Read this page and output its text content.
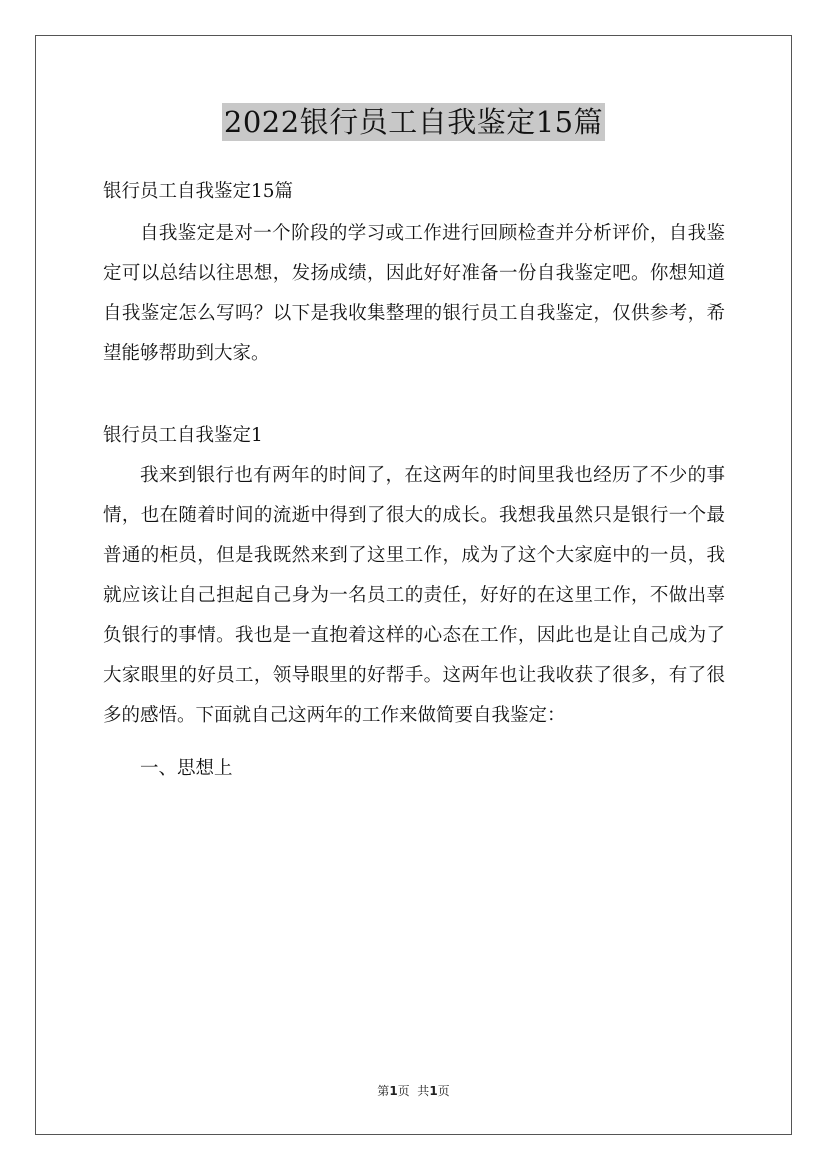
2022银行员工自我鉴定15篇

银行员工自我鉴定15篇

自我鉴定是对一个阶段的学习或工作进行回顾检查并分析评价，自我鉴定可以总结以往思想，发扬成绩，因此好好准备一份自我鉴定吧。你想知道自我鉴定怎么写吗？以下是我收集整理的银行员工自我鉴定，仅供参考，希望能够帮助到大家。

银行员工自我鉴定1

我来到银行也有两年的时间了，在这两年的时间里我也经历了不少的事情，也在随着时间的流逝中得到了很大的成长。我想我虽然只是银行一个最普通的柜员，但是我既然来到了这里工作，成为了这个大家庭中的一员，我就应该让自己担起自己身为一名员工的责任，好好的在这里工作，不做出辜负银行的事情。我也是一直抱着这样的心态在工作，因此也是让自己成为了大家眼里的好员工，领导眼里的好帮手。这两年也让我收获了很多，有了很多的感悟。下面就自己这两年的工作来做简要自我鉴定：

一、思想上

第1页  共1页
